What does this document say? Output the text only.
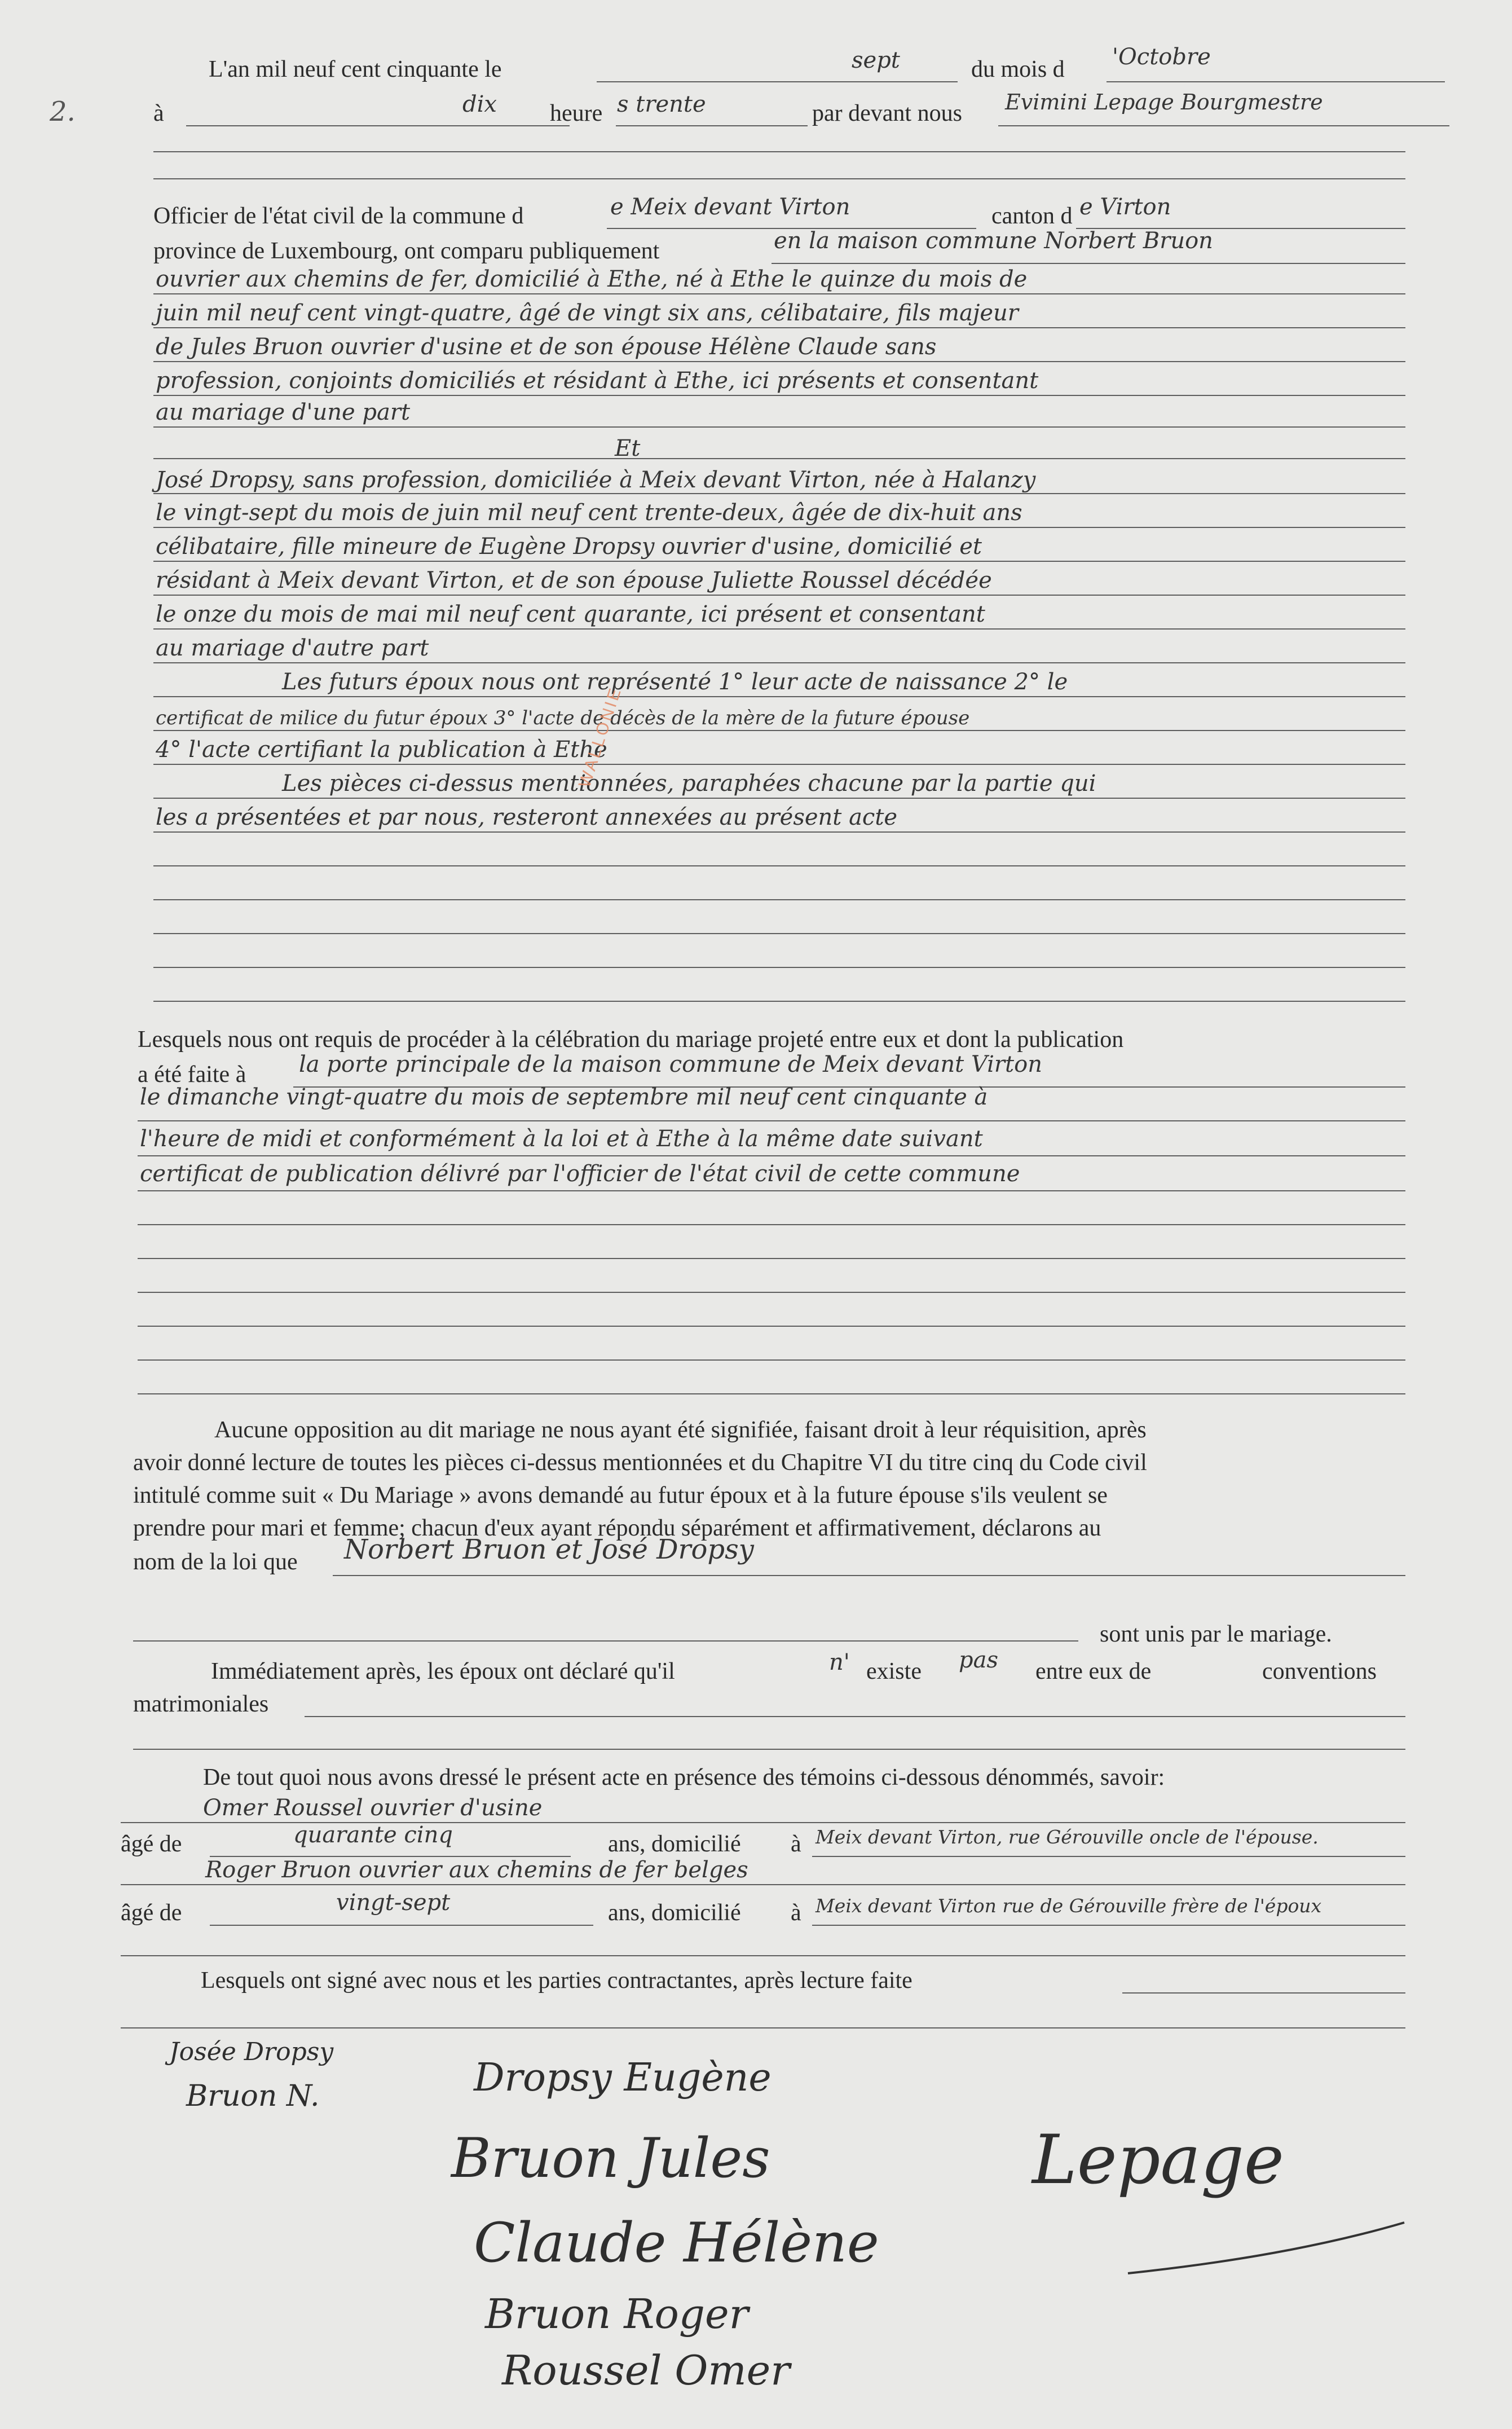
2.
L'an mil neuf cent cinquante le	sept	du mois d 'Octobre
à	dix heure s trente	par devant nous Evimini Lepage Bourgmestre
Officier de l'état civil de la commune d	e Meix devant Virton	canton d e Virton
province de Luxembourg, ont comparu publiquement	en la maison commune Norbert Bruon
ouvrier aux chemins de fer, domicilié à Ethe, né à Ethe le quinze du mois de
juin mil neuf cent vingt-quatre, âgé de vingt six ans, célibataire, fils majeur
de Jules Bruon ouvrier d'usine et de son épouse Hélène Claude sans
profession, conjoints domiciliés et résidant à Ethe, ici présents et consentant
au mariage d'une part
Et
José Dropsy, sans profession, domiciliée à Meix devant Virton, née à Halanzy
le vingt-sept du mois de juin mil neuf cent trente-deux, âgée de dix-huit ans
célibataire, fille mineure de Eugène Dropsy ouvrier d'usine, domicilié et
résidant à Meix devant Virton, et de son épouse Juliette Roussel décédée
le onze du mois de mai mil neuf cent quarante, ici présent et consentant
au mariage d'autre part
Les futurs époux nous ont représenté 1° leur acte de naissance 2° le
certificat de milice du futur époux 3° l'acte de décès de la mère de la future épouse
4° l'acte certifiant la publication à Ethe
Les pièces ci-dessus mentionnées, paraphées chacune par la partie qui
les a présentées et par nous, resteront annexées au présent acte
WALLONIE
Lesquels nous ont requis de procéder à la célébration du mariage projeté entre eux et dont la publication
a été faite à la porte principale de la maison commune de Meix devant Virton
le dimanche vingt-quatre du mois de septembre mil neuf cent cinquante à
l'heure de midi et conformément à la loi et à Ethe à la même date suivant
certificat de publication délivré par l'officier de l'état civil de cette commune
Aucune opposition au dit mariage ne nous ayant été signifiée, faisant droit à leur réquisition, après
avoir donné lecture de toutes les pièces ci-dessus mentionnées et du Chapitre VI du titre cinq du Code civil
intitulé comme suit « Du Mariage » avons demandé au futur époux et à la future épouse s'ils veulent se
prendre pour mari et femme; chacun d'eux ayant répondu séparément et affirmativement, déclarons au
nom de la loi que Norbert Bruon et José Dropsy
sont unis par le mariage.
Immédiatement après, les époux ont déclaré qu'il	n' existe pas entre eux de	conventions
matrimoniales
De tout quoi nous avons dressé le présent acte en présence des témoins ci-dessous dénommés, savoir:
Omer Roussel ouvrier d'usine
âgé de	quarante cinq	ans, domicilié à Meix devant Virton, rue Gérouville oncle de l'épouse.
Roger Bruon ouvrier aux chemins de fer belges
âgé de	vingt-sept	ans, domicilié à Meix devant Virton rue de Gérouville frère de l'époux
Lesquels ont signé avec nous et les parties contractantes, après lecture faite
Josée Dropsy
Bruon N.	Dropsy Eugène
Bruon Jules
Claude Hélène
Bruon Roger
Roussel Omer
Lepage
